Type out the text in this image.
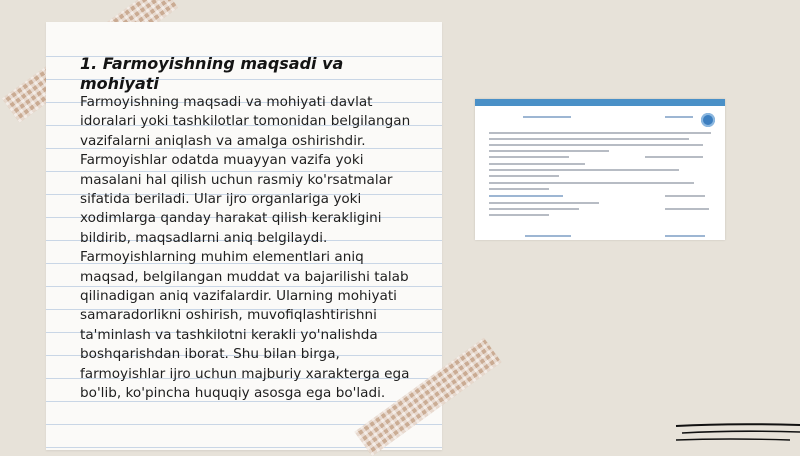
1. Farmoyishning maqsadi va mohiyati

Farmoyishning maqsadi va mohiyati davlat idoralari yoki tashkilotlar tomonidan belgilangan vazifalarni aniqlash va amalga oshirishdir. Farmoyishlar odatda muayyan vazifa yoki masalani hal qilish uchun rasmiy ko'rsatmalar sifatida beriladi. Ular ijro organlariga yoki xodimlarga qanday harakat qilish kerakligini bildirib, maqsadlarni aniq belgilaydi. Farmoyishlarning muhim elementlari aniq maqsad, belgilangan muddat va bajarilishi talab qilinadigan aniq vazifalardir. Ularning mohiyati samaradorlikni oshirish, muvofiqlashtirishni ta'minlash va tashkilotni kerakli yo'nalishda boshqarishdan iborat. Shu bilan birga, farmoyishlar ijro uchun majburiy xarakterga ega bo'lib, ko'pincha huquqiy asosga ega bo'ladi.
